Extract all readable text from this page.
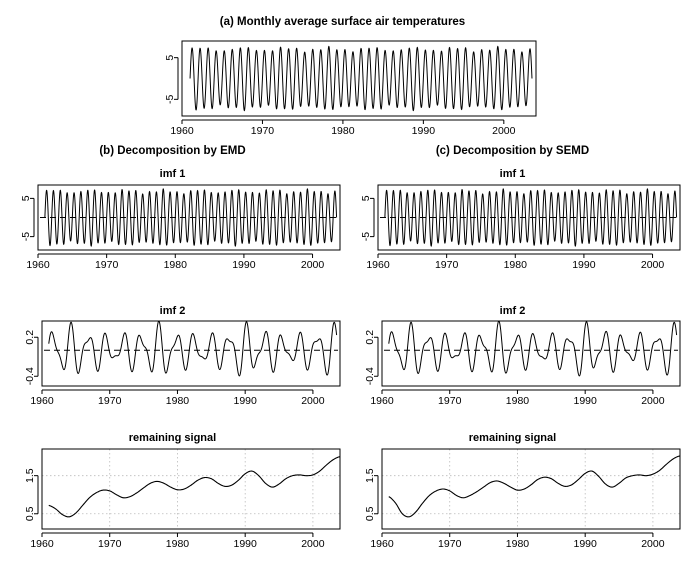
(a) Monthly average surface air temperatures
(b) Decomposition by EMD	(c) Decomposition by SEMD
imf 1	imf 1
imf 2	imf 2
remaining signal	remaining signal
1960	1970	1980	1990	2000
-5
5
1960	1970	1980	1990	2000
-5
5
1960	1970	1980	1990	2000
-5
5
1960	1970	1980	1990	2000
-0.4
0.2
1960	1970	1980	1990	2000
-0.4
0.2
1960	1970	1980	1990	2000
0.5
1.5
1960	1970	1980	1990	2000
0.5
1.5
